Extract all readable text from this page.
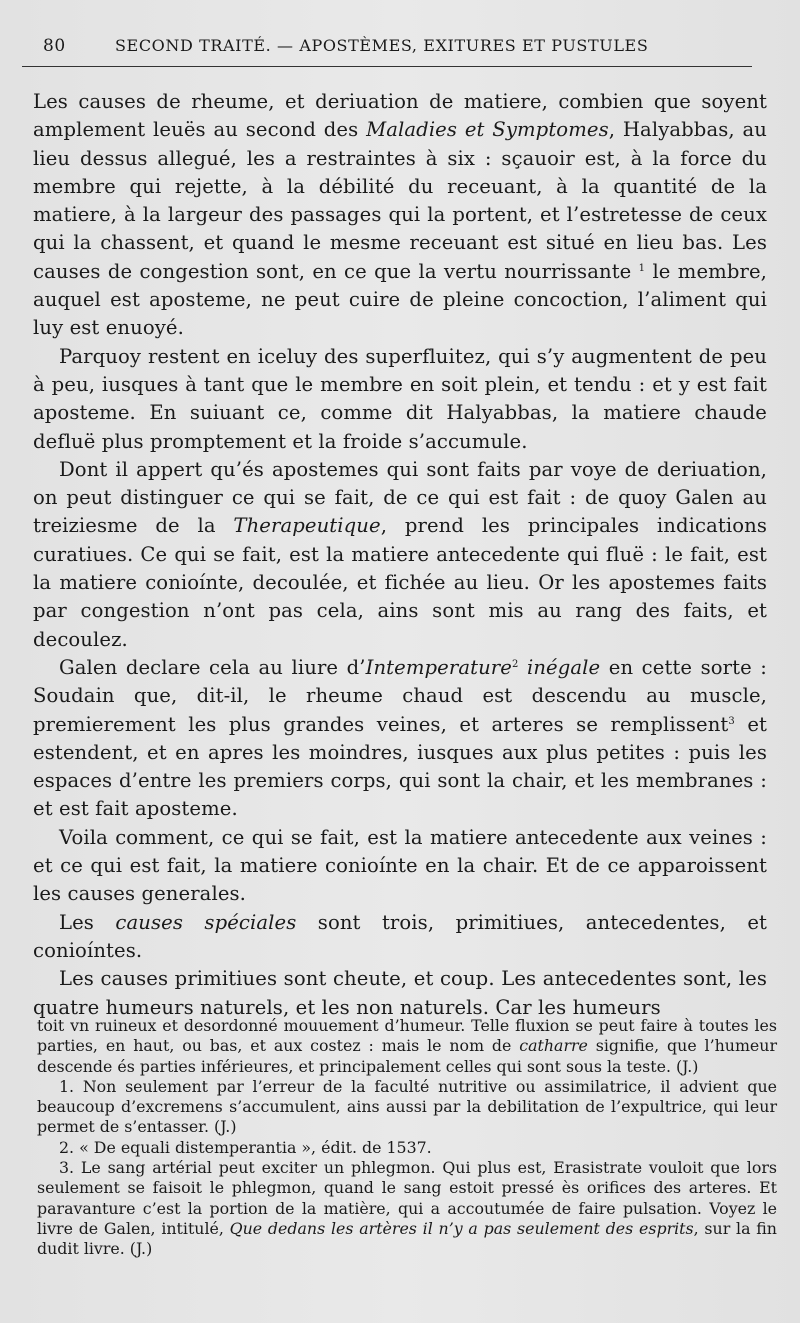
80	SECOND TRAITÉ. — APOSTÈMES, EXITURES ET PUSTULES

Les causes de rheume, et deriuation de matiere, combien que soyent amplement leuës au second des Maladies et Symptomes, Halyabbas, au lieu dessus allegué, les a restraintes à six : sçauoir est, à la force du membre qui rejette, à la débilité du receuant, à la quantité de la matiere, à la largeur des passages qui la portent, et l’estretesse de ceux qui la chassent, et quand le mesme receuant est situé en lieu bas. Les causes de congestion sont, en ce que la vertu nourrissante $^1$ le membre, auquel est aposteme, ne peut cuire de pleine concoction, l’aliment qui luy est enuoyé.

Parquoy restent en iceluy des superfluitez, qui s’y augmentent de peu à peu, iusques à tant que le membre en soit plein, et tendu : et y est fait aposteme. En suiuant ce, comme dit Halyabbas, la matiere chaude defluë plus promptement et la froide s’accumule.

Dont il appert qu’és apostemes qui sont faits par voye de deriuation, on peut distinguer ce qui se fait, de ce qui est fait : de quoy Galen au treiziesme de la Therapeutique, prend les principales indications curatiues. Ce qui se fait, est la matiere antecedente qui fluë : le fait, est la matiere conioínte, decoulée, et fichée au lieu. Or les apostemes faits par congestion n’ont pas cela, ains sont mis au rang des faits, et decoulez.

Galen declare cela au liure d’Intemperature$^2$ inégale en cette sorte : Soudain que, dit-il, le rheume chaud est descendu au muscle, premierement les plus grandes veines, et arteres se remplissent$^3$ et estendent, et en apres les moindres, iusques aux plus petites : puis les espaces d’entre les premiers corps, qui sont la chair, et les membranes : et est fait aposteme.

Voila comment, ce qui se fait, est la matiere antecedente aux veines : et ce qui est fait, la matiere conioínte en la chair. Et de ce apparoissent les causes generales.

Les causes spéciales sont trois, primitiues, antecedentes, et conioíntes.

Les causes primitiues sont cheute, et coup. Les antecedentes sont, les quatre humeurs naturels, et les non naturels. Car les humeurs

toit vn ruineux et desordonné mouuement d’humeur. Telle fluxion se peut faire à toutes les parties, en haut, ou bas, et aux costez : mais le nom de catharre signifie, que l’humeur descende és parties inférieures, et principalement celles qui sont sous la teste. (J.)

1. Non seulement par l’erreur de la faculté nutritive ou assimilatrice, il advient que beaucoup d’excremens s’accumulent, ains aussi par la debilitation de l’expultrice, qui leur permet de s’entasser. (J.)

2. « De equali distemperantia », édit. de 1537.

3. Le sang artérial peut exciter un phlegmon. Qui plus est, Erasistrate vouloit que lors seulement se faisoit le phlegmon, quand le sang estoit pressé ès orifices des arteres. Et paravanture c’est la portion de la matière, qui a accoutumée de faire pulsation. Voyez le livre de Galen, intitulé, Que dedans les artères il n’y a pas seulement des esprits, sur la fin dudit livre. (J.)
